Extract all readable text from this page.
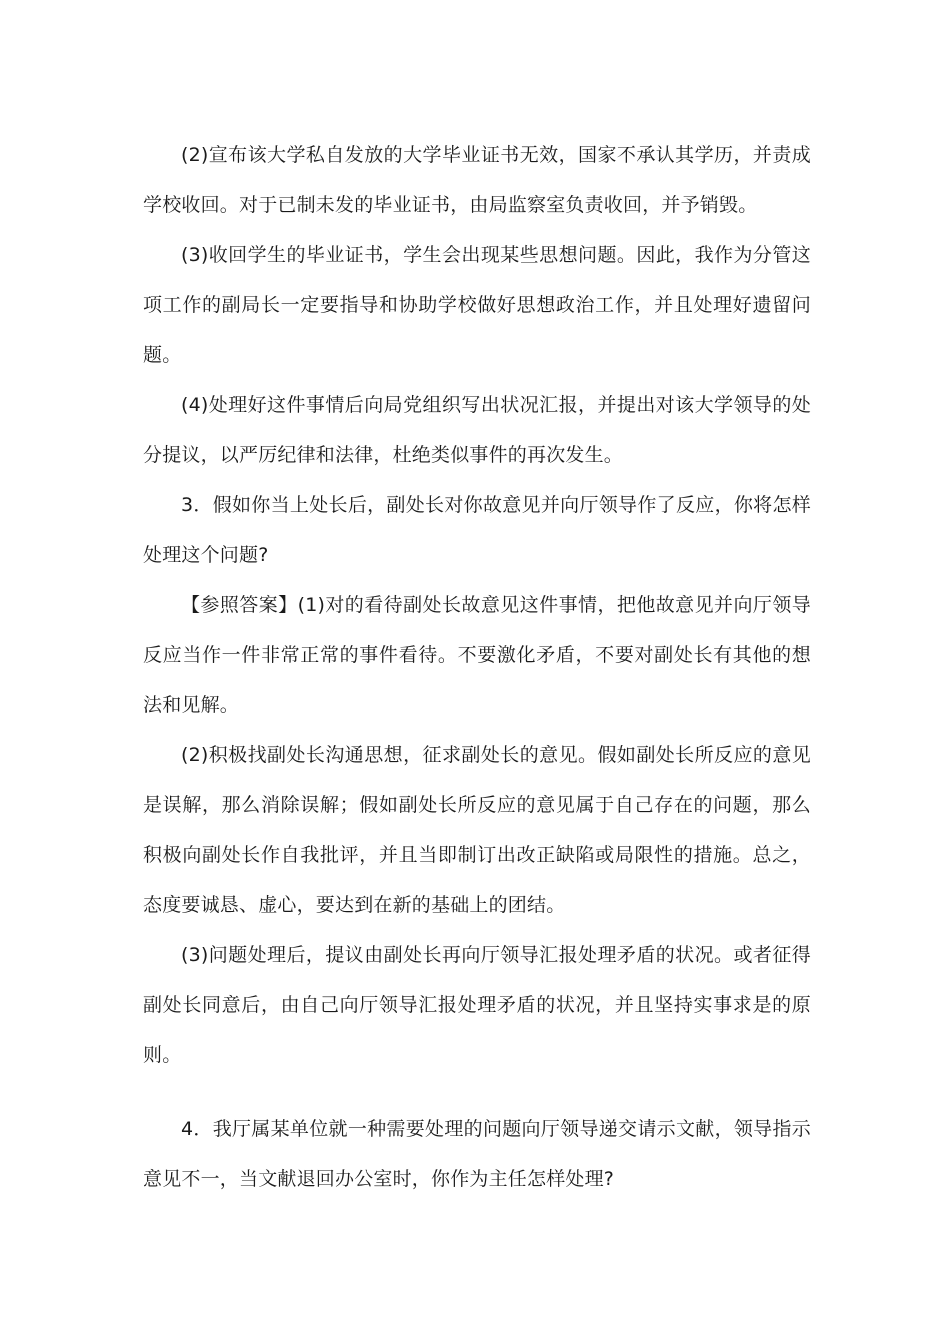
(2)宣布该大学私自发放的大学毕业证书无效，国家不承认其学历，并责成学校收回。对于已制未发的毕业证书，由局监察室负责收回，并予销毁。

(3)收回学生的毕业证书，学生会出现某些思想问题。因此，我作为分管这项工作的副局长一定要指导和协助学校做好思想政治工作，并且处理好遗留问题。

(4)处理好这件事情后向局党组织写出状况汇报，并提出对该大学领导的处分提议，以严厉纪律和法律，杜绝类似事件的再次发生。

3．假如你当上处长后，副处长对你故意见并向厅领导作了反应，你将怎样处理这个问题?

【参照答案】(1)对的看待副处长故意见这件事情，把他故意见并向厅领导反应当作一件非常正常的事件看待。不要激化矛盾，不要对副处长有其他的想法和见解。

(2)积极找副处长沟通思想，征求副处长的意见。假如副处长所反应的意见是误解，那么消除误解；假如副处长所反应的意见属于自己存在的问题，那么积极向副处长作自我批评，并且当即制订出改正缺陷或局限性的措施。总之，态度要诚恳、虚心，要达到在新的基础上的团结。

(3)问题处理后，提议由副处长再向厅领导汇报处理矛盾的状况。或者征得副处长同意后，由自己向厅领导汇报处理矛盾的状况，并且坚持实事求是的原则。

4．我厅属某单位就一种需要处理的问题向厅领导递交请示文献，领导指示意见不一，当文献退回办公室时，你作为主任怎样处理?
